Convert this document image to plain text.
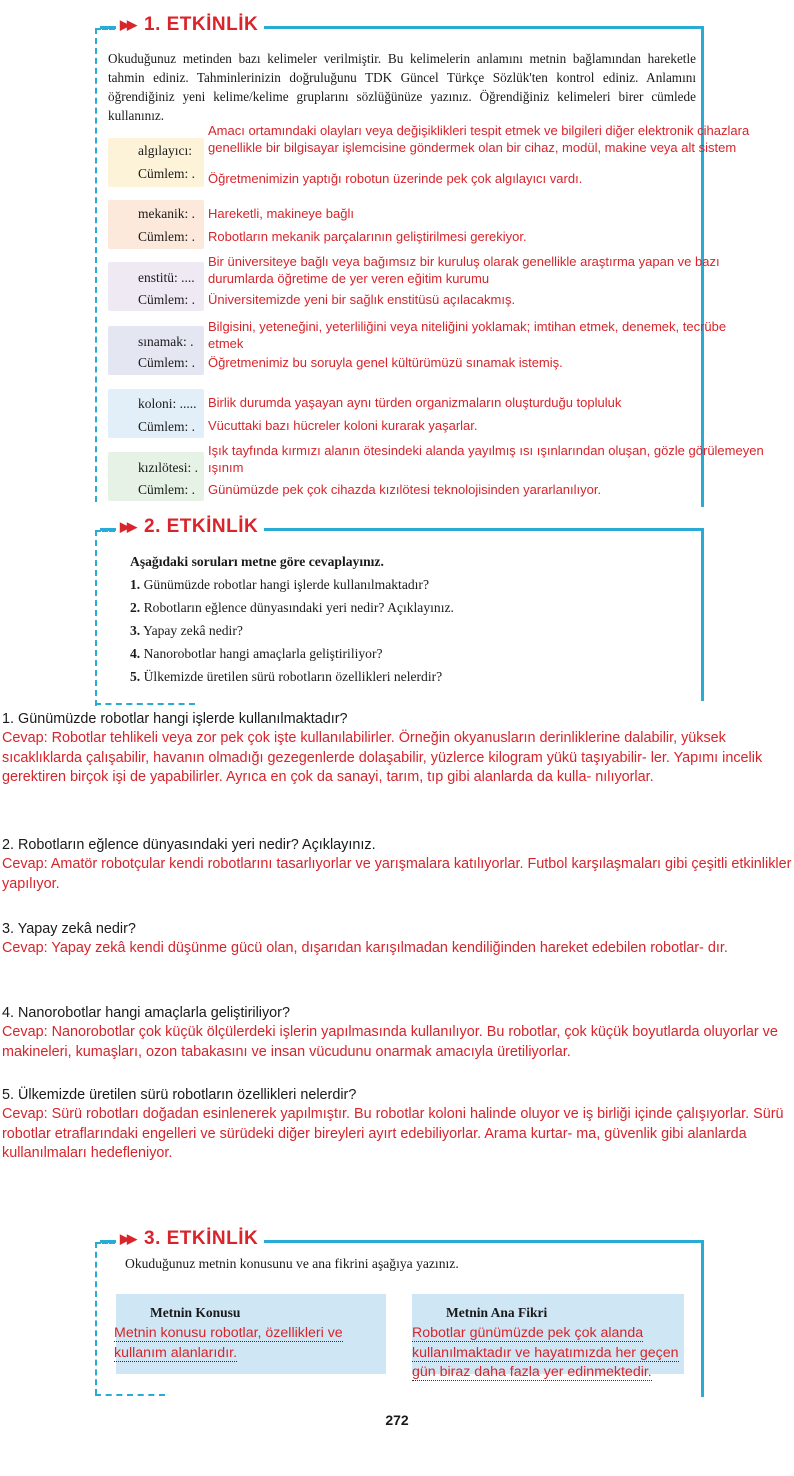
▶▶ 1. ETKİNLİK
Okuduğunuz metinden bazı kelimeler verilmiştir. Bu kelimelerin anlamını metnin bağlamından hareketle tahmin ediniz. Tahminlerinizin doğruluğunu TDK Güncel Türkçe Sözlük'ten kontrol ediniz. Anlamını öğrendiğiniz yeni kelime/kelime gruplarını sözlüğünüze yazınız. Öğrendiğiniz kelimeleri birer cümlede kullanınız.
Amacı ortamındaki olayları veya değişiklikleri tespit etmek ve bilgileri diğer elektronik cihazlara genellikle bir bilgisayar işlemcisine göndermek olan bir cihaz, modül, makine veya alt sistem
algılayıcı:
Cümlem: . Öğretmenimizin yaptığı robotun üzerinde pek çok algılayıcı vardı.
mekanik: . Hareketli, makineye bağlı
Cümlem: . Robotların mekanik parçalarının geliştirilmesi gerekiyor.
Bir üniversiteye bağlı veya bağımsız bir kuruluş olarak genellikle araştırma yapan ve bazı durumlarda öğretime de yer veren eğitim kurumu
enstitü: ....
Cümlem: . Üniversitemizde yeni bir sağlık enstitüsü açılacakmış.
Bilgisini, yeteneğini, yeterliliğini veya niteliğini yoklamak; imtihan etmek, denemek, tecrübe etmek
sınamak: .
Cümlem: . Öğretmenimiz bu soruyla genel kültürümüzü sınamak istemiş.
koloni: ..... Birlik durumda yaşayan aynı türden organizmaların oluşturduğu topluluk
Cümlem: . Vücuttaki bazı hücreler koloni kurarak yaşarlar.
Işık tayfında kırmızı alanın ötesindeki alanda yayılmış ısı ışınlarından oluşan, gözle görülemeyen ışınım
kızılötesi: .
Cümlem: . Günümüzde pek çok cihazda kızılötesi teknolojisinden yararlanılıyor.
▶▶ 2. ETKİNLİK
Aşağıdaki soruları metne göre cevaplayınız.
1. Günümüzde robotlar hangi işlerde kullanılmaktadır?
2. Robotların eğlence dünyasındaki yeri nedir? Açıklayınız.
3. Yapay zekâ nedir?
4. Nanorobotlar hangi amaçlarla geliştiriliyor?
5. Ülkemizde üretilen sürü robotların özellikleri nelerdir?
1. Günümüzde robotlar hangi işlerde kullanılmaktadır?
Cevap: Robotlar tehlikeli veya zor pek çok işte kullanılabilirler. Örneğin okyanusların derinliklerine dalabilir, yüksek sıcaklıklarda çalışabilir, havanın olmadığı gezegenlerde dolaşabilir, yüzlerce kilogram yükü taşıyabilir- ler. Yapımı incelik gerektiren birçok işi de yapabilirler. Ayrıca en çok da sanayi, tarım, tıp gibi alanlarda da kulla- nılıyorlar.
2. Robotların eğlence dünyasındaki yeri nedir? Açıklayınız.
Cevap: Amatör robotçular kendi robotlarını tasarlıyorlar ve yarışmalara katılıyorlar. Futbol karşılaşmaları gibi çeşitli etkinlikler yapılıyor.
3. Yapay zekâ nedir?
Cevap: Yapay zekâ kendi düşünme gücü olan, dışarıdan karışılmadan kendiliğinden hareket edebilen robotlar- dır.
4. Nanorobotlar hangi amaçlarla geliştiriliyor?
Cevap: Nanorobotlar çok küçük ölçülerdeki işlerin yapılmasında kullanılıyor. Bu robotlar, çok küçük boyutlarda oluyorlar ve makineleri, kumaşları, ozon tabakasını ve insan vücudunu onarmak amacıyla üretiliyorlar.
5. Ülkemizde üretilen sürü robotların özellikleri nelerdir?
Cevap: Sürü robotları doğadan esinlenerek yapılmıştır. Bu robotlar koloni halinde oluyor ve iş birliği içinde çalışıyorlar. Sürü robotlar etraflarındaki engelleri ve sürüdeki diğer bireyleri ayırt edebiliyorlar. Arama kurtar- ma, güvenlik gibi alanlarda kullanılmaları hedefleniyor.
▶▶ 3. ETKİNLİK
Okuduğunuz metnin konusunu ve ana fikrini aşağıya yazınız.
Metnin Konusu	Metnin Ana Fikri
Metnin konusu robotlar, özellikleri ve kullanım alanlarıdır.
Robotlar günümüzde pek çok alanda kullanılmaktadır ve hayatımızda her geçen gün biraz daha fazla yer edinmektedir.
272
